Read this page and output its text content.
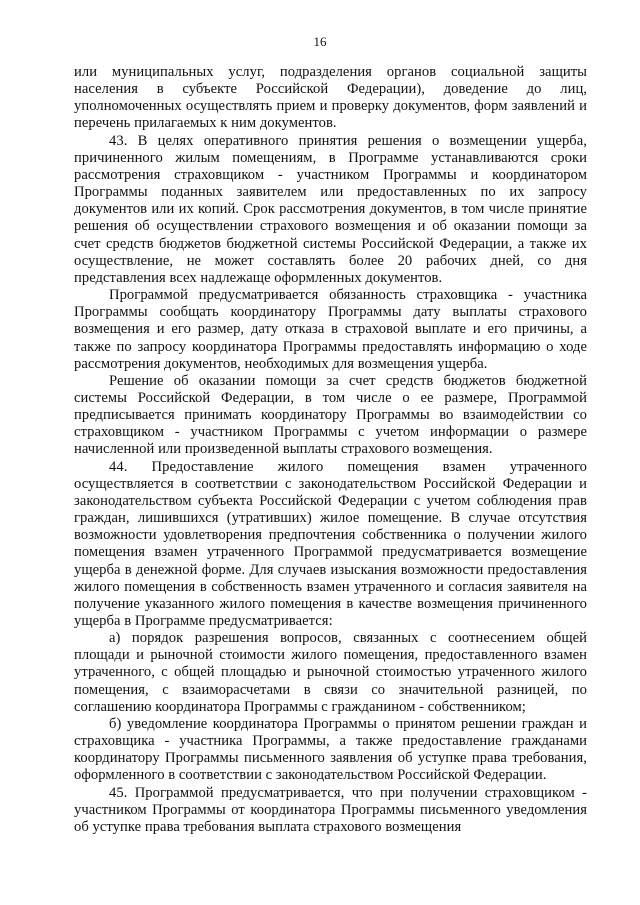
16

или муниципальных услуг, подразделения органов социальной защиты населения в субъекте Российской Федерации), доведение до лиц, уполномоченных осуществлять прием и проверку документов, форм заявлений и перечень прилагаемых к ним документов.

43. В целях оперативного принятия решения о возмещении ущерба, причиненного жилым помещениям, в Программе устанавливаются сроки рассмотрения страховщиком - участником Программы и координатором Программы поданных заявителем или предоставленных по их запросу документов или их копий. Срок рассмотрения документов, в том числе принятие решения об осуществлении страхового возмещения и об оказании помощи за счет средств бюджетов бюджетной системы Российской Федерации, а также их осуществление, не может составлять более 20 рабочих дней, со дня представления всех надлежаще оформленных документов.

Программой предусматривается обязанность страховщика - участника Программы сообщать координатору Программы дату выплаты страхового возмещения и его размер, дату отказа в страховой выплате и его причины, а также по запросу координатора Программы предоставлять информацию о ходе рассмотрения документов, необходимых для возмещения ущерба.

Решение об оказании помощи за счет средств бюджетов бюджетной системы Российской Федерации, в том числе о ее размере, Программой предписывается принимать координатору Программы во взаимодействии со страховщиком - участником Программы с учетом информации о размере начисленной или произведенной выплаты страхового возмещения.

44. Предоставление жилого помещения взамен утраченного осуществляется в соответствии с законодательством Российской Федерации и законодательством субъекта Российской Федерации с учетом соблюдения прав граждан, лишившихся (утративших) жилое помещение. В случае отсутствия возможности удовлетворения предпочтения собственника о получении жилого помещения взамен утраченного Программой предусматривается возмещение ущерба в денежной форме. Для случаев изыскания возможности предоставления жилого помещения в собственность взамен утраченного и согласия заявителя на получение указанного жилого помещения в качестве возмещения причиненного ущерба в Программе предусматривается:

а) порядок разрешения вопросов, связанных с соотнесением общей площади и рыночной стоимости жилого помещения, предоставленного взамен утраченного, с общей площадью и рыночной стоимостью утраченного жилого помещения, с взаиморасчетами в связи со значительной разницей, по соглашению координатора Программы с гражданином - собственником;

б) уведомление координатора Программы о принятом решении граждан и страховщика - участника Программы, а также предоставление гражданами координатору Программы письменного заявления об уступке права требования, оформленного в соответствии с законодательством Российской Федерации.

45. Программой предусматривается, что при получении страховщиком - участником Программы от координатора Программы письменного уведомления об уступке права требования выплата страхового возмещения
